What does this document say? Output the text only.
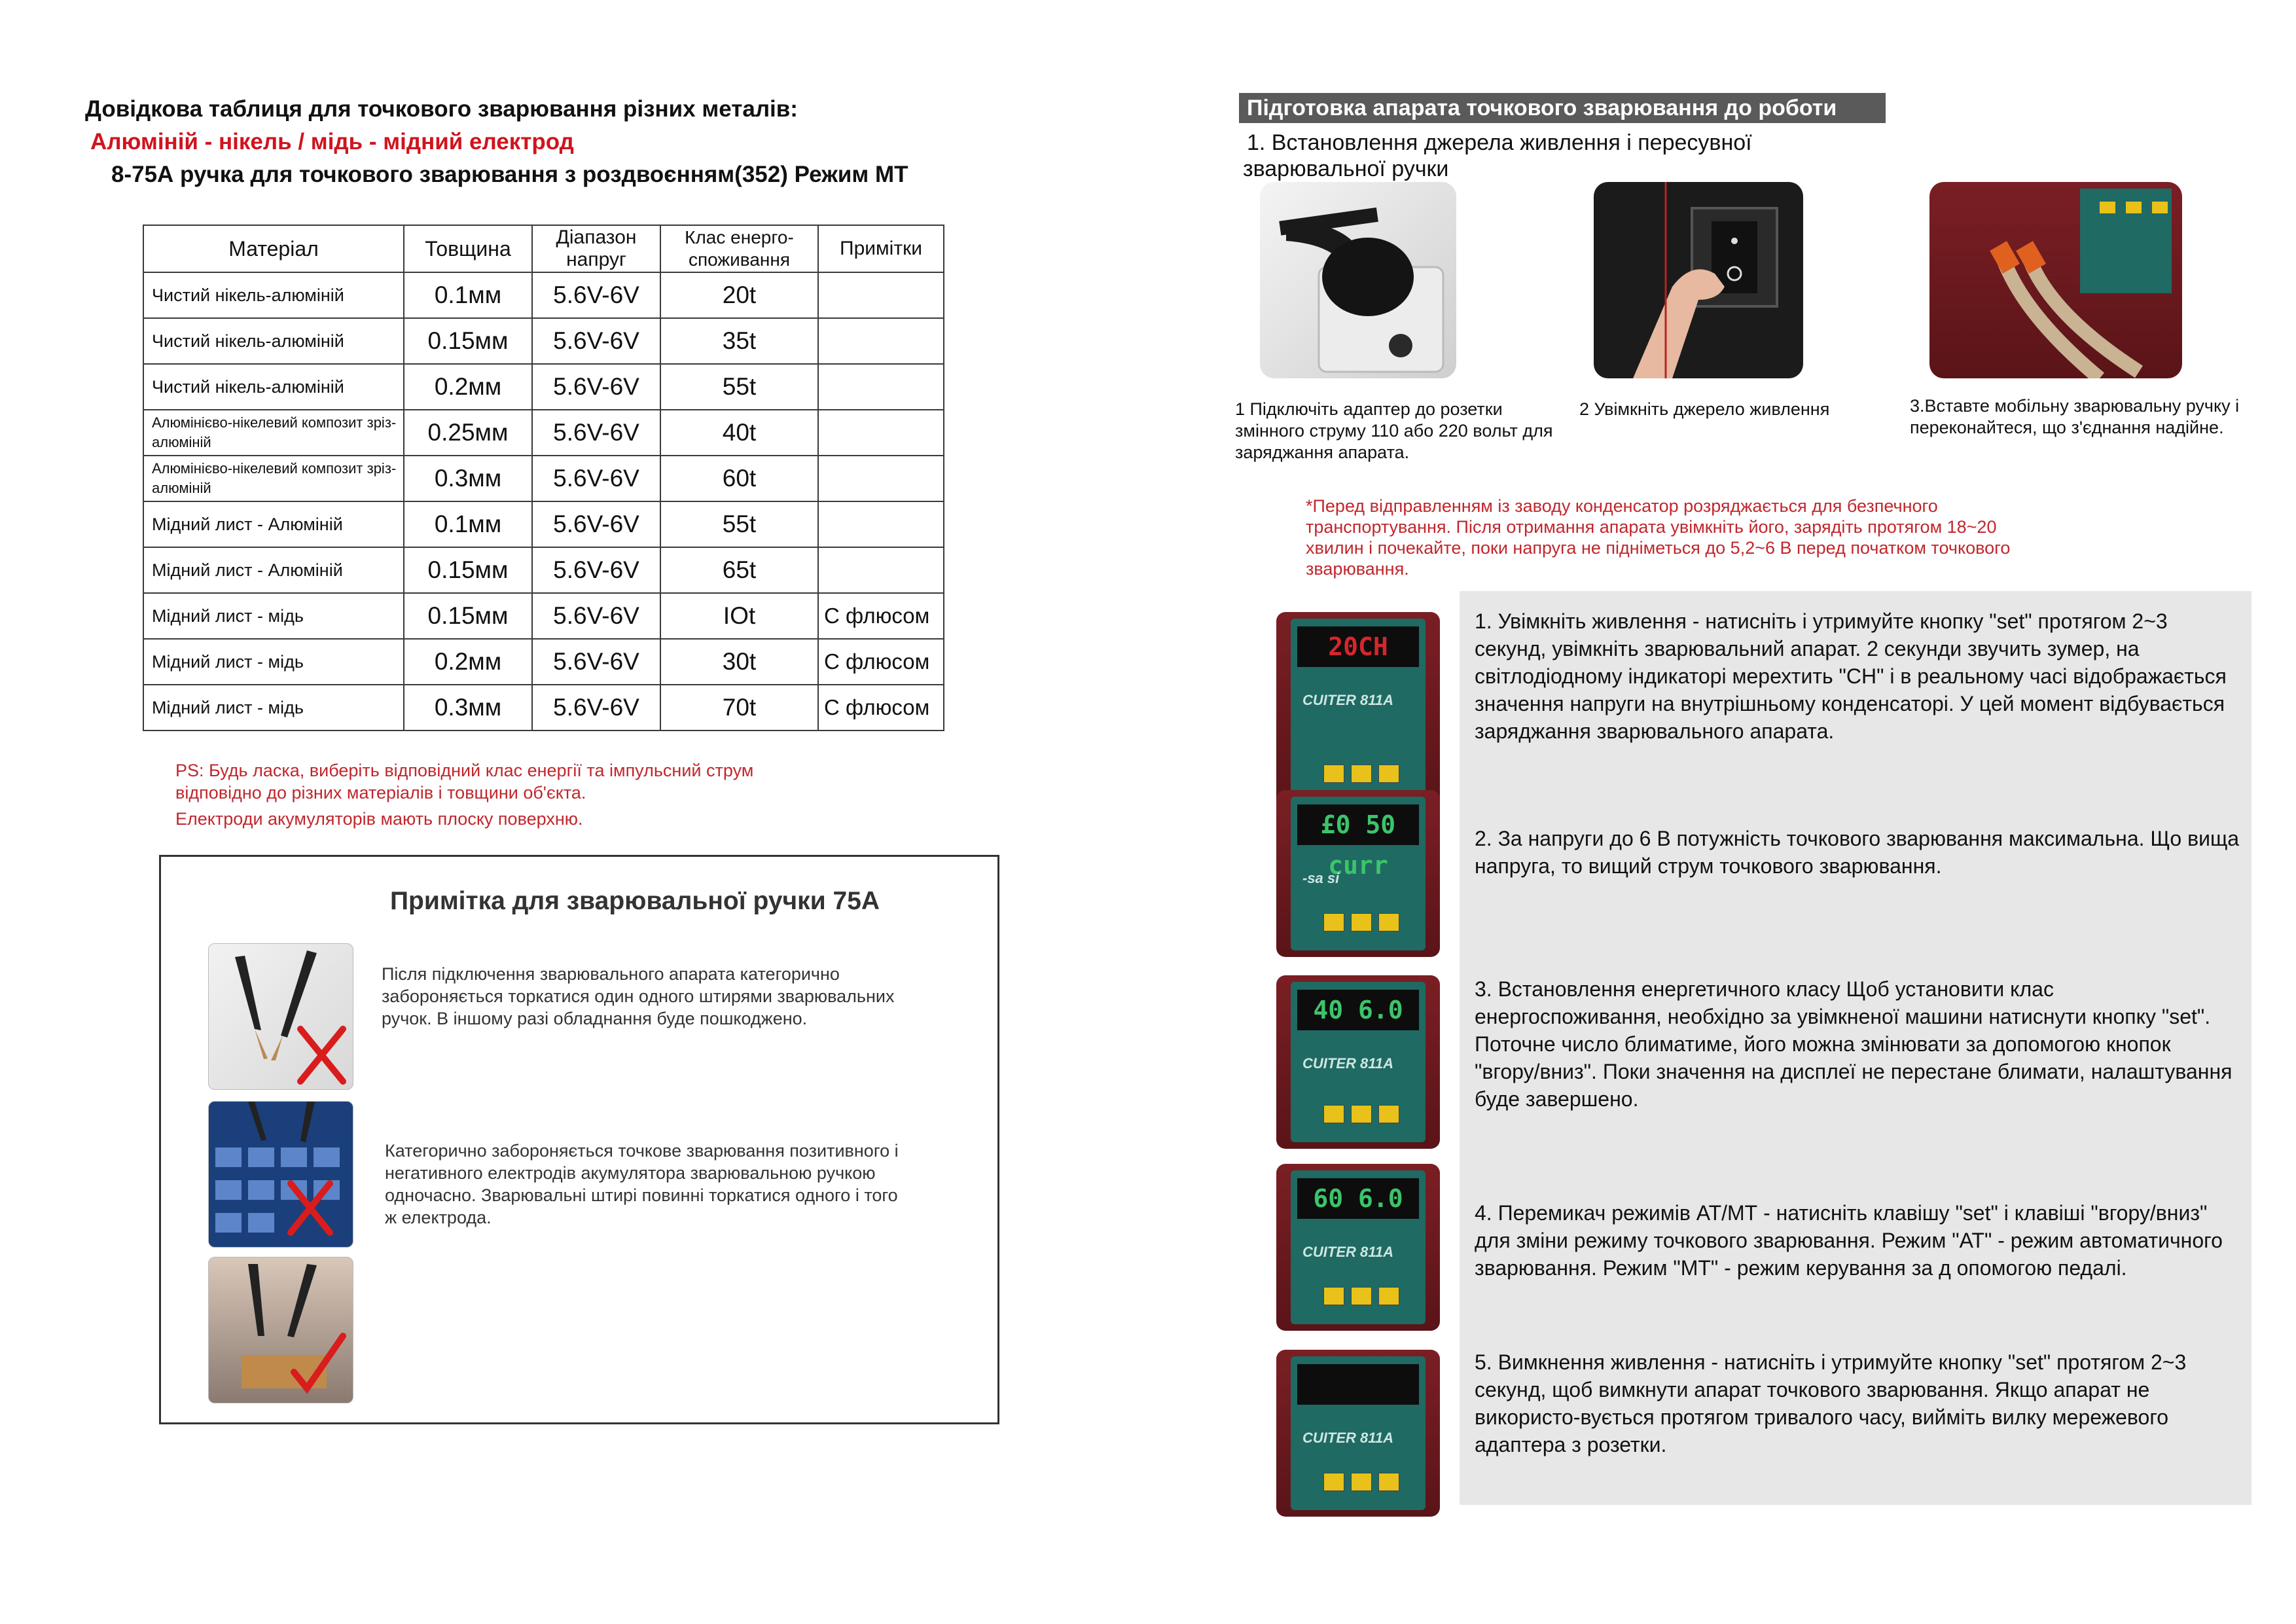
Довідкова таблиця для точкового зварювання різних металів:
Алюміній - нікель / мідь - мідний електрод
8-75А ручка для точкового зварювання з роздвоєнням(352) Режим МТ
Матеріал	Товщина	Діапазон напруг	Клас енерго-споживання	Примітки
Чистий нікель-алюміній	0.1мм	5.6V-6V	20t	
Чистий нікель-алюміній	0.15мм	5.6V-6V	35t	
Чистий нікель-алюміній	0.2мм	5.6V-6V	55t	
Алюмінієво-нікелевий композит зріз-алюміній	0.25мм	5.6V-6V	40t	
Алюмінієво-нікелевий композит зріз-алюміній	0.3мм	5.6V-6V	60t	
Мідний лист - Алюміній	0.1мм	5.6V-6V	55t	
Мідний лист - Алюміній	0.15мм	5.6V-6V	65t	
Мідний лист - мідь	0.15мм	5.6V-6V	IOt	С флюсом
Мідний лист - мідь	0.2мм	5.6V-6V	30t	С флюсом
Мідний лист - мідь	0.3мм	5.6V-6V	70t	С флюсом
PS: Будь ласка, виберіть відповідний клас енергії та імпульсний струм
відповідно до різних матеріалів і товщини об'єкта.
Електроди акумуляторів мають плоску поверхню.
Примітка для зварювальної ручки 75А
Після підключення зварювального апарата категорично забороняється торкатися один одного штирями зварювальних ручок. В іншому разі обладнання буде пошкоджено.
Категорично забороняється точкове зварювання позитивного і негативного електродів акумулятора зварювальною ручкою одночасно. Зварювальні штирі повинні торкатися одного і того ж електрода.
Підготовка апарата точкового зварювання до роботи
1. Встановлення джерела живлення і пересувної
зварювальної ручки
1 Підключіть адаптер до розетки змінного струму 110 або 220 вольт для заряджання апарата.
2 Увімкніть джерело живлення	3.Вставте мобільну зварювальну ручку і переконайтеся, що з'єднання надійне.
*Перед відправленням із заводу конденсатор розряджається для безпечного транспортування. Після отримання апарата увімкніть його, зарядіть протягом 18~20 хвилин і почекайте, поки напруга не підніметься до 5,2~6 В перед початком точкового зварювання.
20CH
CUITER 811A
1. Увімкніть живлення - натисніть і утримуйте кнопку "set" протягом 2~3 секунд, увімкніть зварювальний апарат. 2 секунди звучить зумер, на світлодіодному індикаторі мерехтить "CH" і в реальному часі відображається значення напруги на внутрішньому конденсаторі. У цей момент відбувається заряджання зварювального апарата.
£0 50 curr
-sa si
2. За напруги до 6 В потужність точкового зварювання максимальна. Що вища напруга, то вищий струм точкового зварювання.
40 6.0
CUITER 811A
3. Встановлення енергетичного класу Щоб установити клас енергоспоживання, необхідно за увімкненої машини натиснути кнопку "set". Поточне число блиматиме, його можна змінювати за допомогою кнопок "вгору/вниз". Поки значення на дисплеї не перестане блимати, налаштування буде завершено.
60 6.0
CUITER 811A
4. Перемикач режимів АТ/МТ - натисніть клавішу "set" і клавіші "вгору/вниз" для зміни режиму точкового зварювання. Режим "АТ" - режим автоматичного зварювання. Режим "МТ" - режим керування за д опомогою педалі.
CUITER 811A
5. Вимкнення живлення - натисніть і утримуйте кнопку "set" протягом 2~3 секунд, щоб вимкнути апарат точкового зварювання. Якщо апарат не використо-вується протягом тривалого часу, вийміть вилку мережевого адаптера з розетки.
